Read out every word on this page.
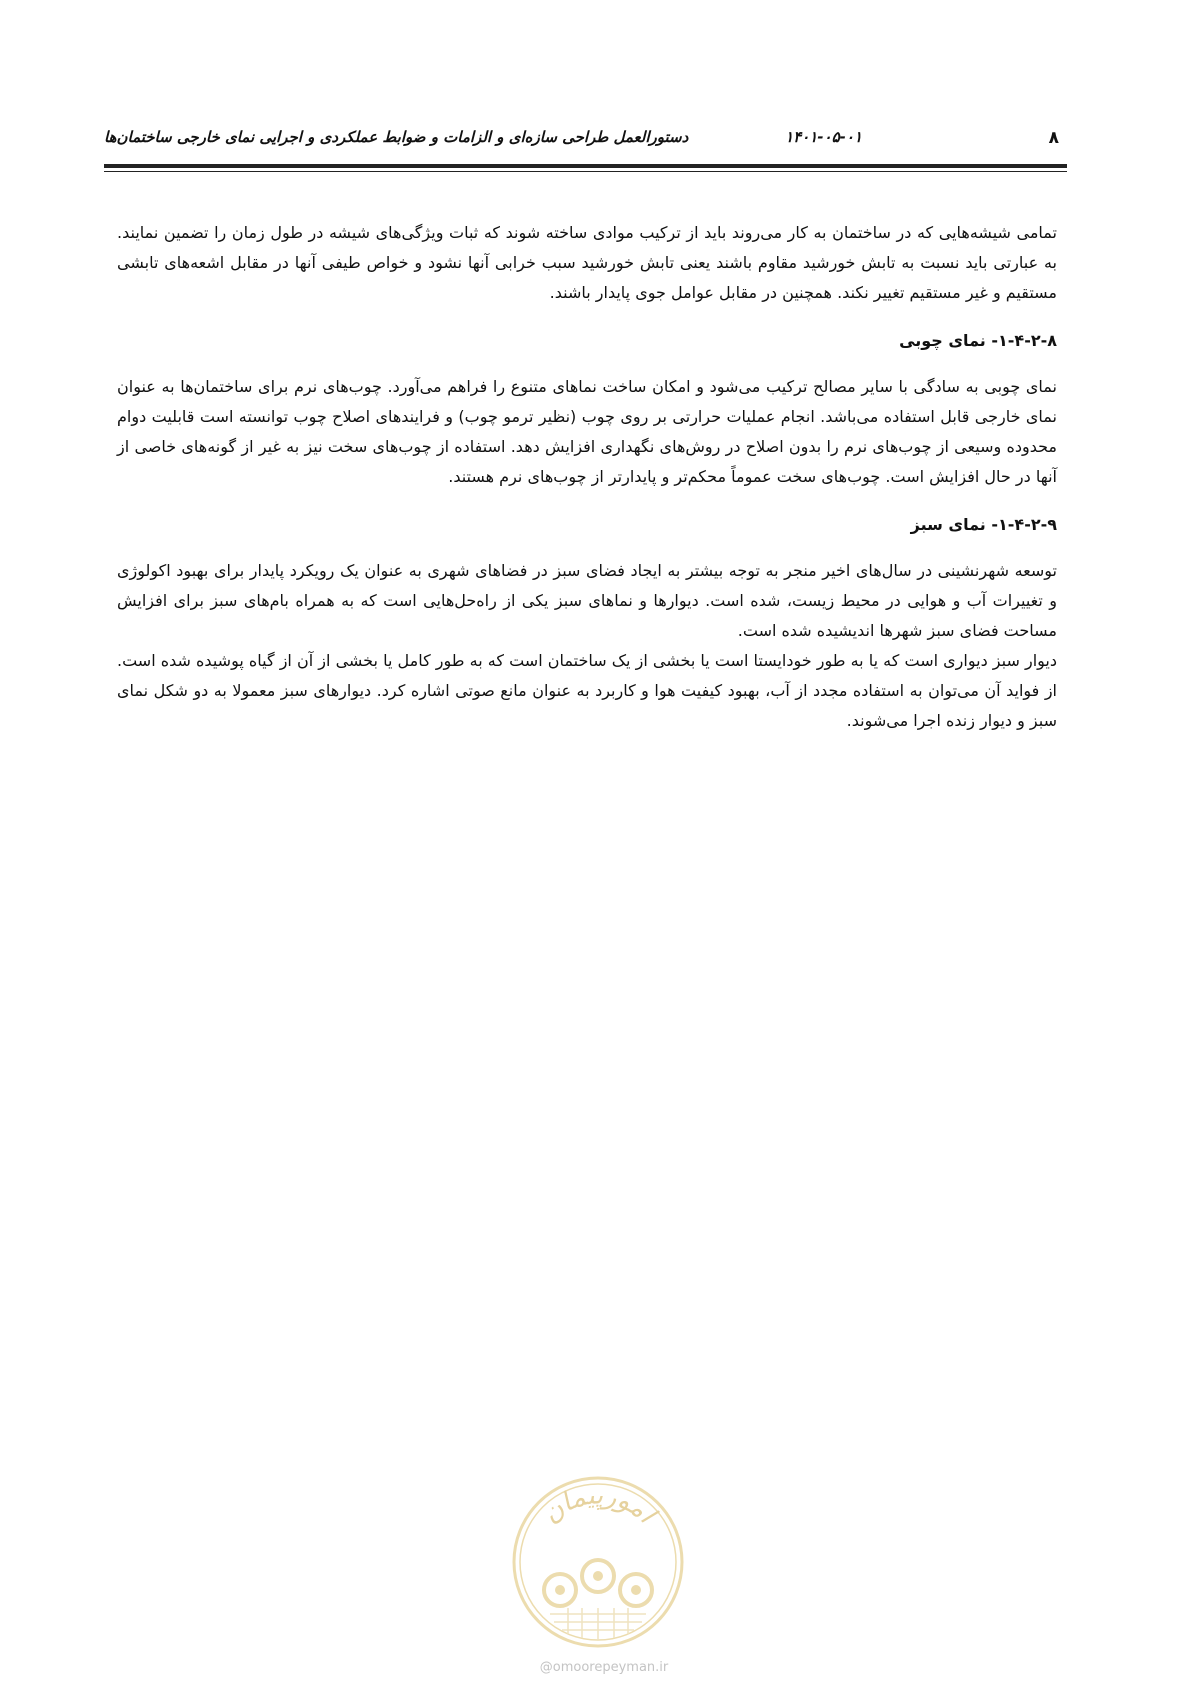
۸
۱۴۰۱-۰۵-۰۱
دستورالعمل طراحی سازه‌ای و الزامات و ضوابط عملکردی و اجرایی نمای خارجی ساختمان‌ها

تمامی شیشه‌هایی که در ساختمان به کار می‌روند باید از ترکیب موادی ساخته شوند که ثبات ویژگی‌های شیشه در طول زمان را تضمین نمایند. به عبارتی باید نسبت به تابش خورشید مقاوم باشند یعنی تابش خورشید سبب خرابی آنها نشود و خواص طیفی آنها در مقابل اشعه‌های تابشی مستقیم و غیر مستقیم تغییر نکند. همچنین در مقابل عوامل جوی پایدار باشند.

۱-۴-۲-۸- نمای چوبی

نمای چوبی به سادگی با سایر مصالح ترکیب می‌شود و امکان ساخت نماهای متنوع را فراهم می‌آورد. چوب‌های نرم برای ساختمان‌ها به عنوان نمای خارجی قابل استفاده می‌باشد. انجام عملیات حرارتی بر روی چوب (نظیر ترمو چوب) و فرایندهای اصلاح چوب توانسته است قابلیت دوام محدوده وسیعی از چوب‌های نرم را بدون اصلاح در روش‌های نگهداری افزایش دهد. استفاده از چوب‌های سخت نیز به غیر از گونه‌های خاصی از آنها در حال افزایش است. چوب‌های سخت عموماً محکم‌تر و پایدارتر از چوب‌های نرم هستند.

۱-۴-۲-۹- نمای سبز

توسعه شهرنشینی در سال‌های اخیر منجر به توجه بیشتر به ایجاد فضای سبز در فضاهای شهری به عنوان یک رویکرد پایدار برای بهبود اکولوژی و تغییرات آب و هوایی در محیط زیست، شده است. دیوارها و نماهای سبز یکی از راه‌حل‌هایی است که به همراه بام‌های سبز برای افزایش مساحت فضای سبز شهرها اندیشیده شده است.

دیوار سبز دیواری است که یا به طور خودایستا است یا بخشی از یک ساختمان است که به طور کامل یا بخشی از آن از گیاه پوشیده شده است. از فواید آن می‌توان به استفاده مجدد از آب، بهبود کیفیت هوا و کاربرد به عنوان مانع صوتی اشاره کرد. دیوارهای سبز معمولا به دو شکل نمای سبز و دیوار زنده اجرا می‌شوند.

امورپیمان
@omoorepeyman.ir
